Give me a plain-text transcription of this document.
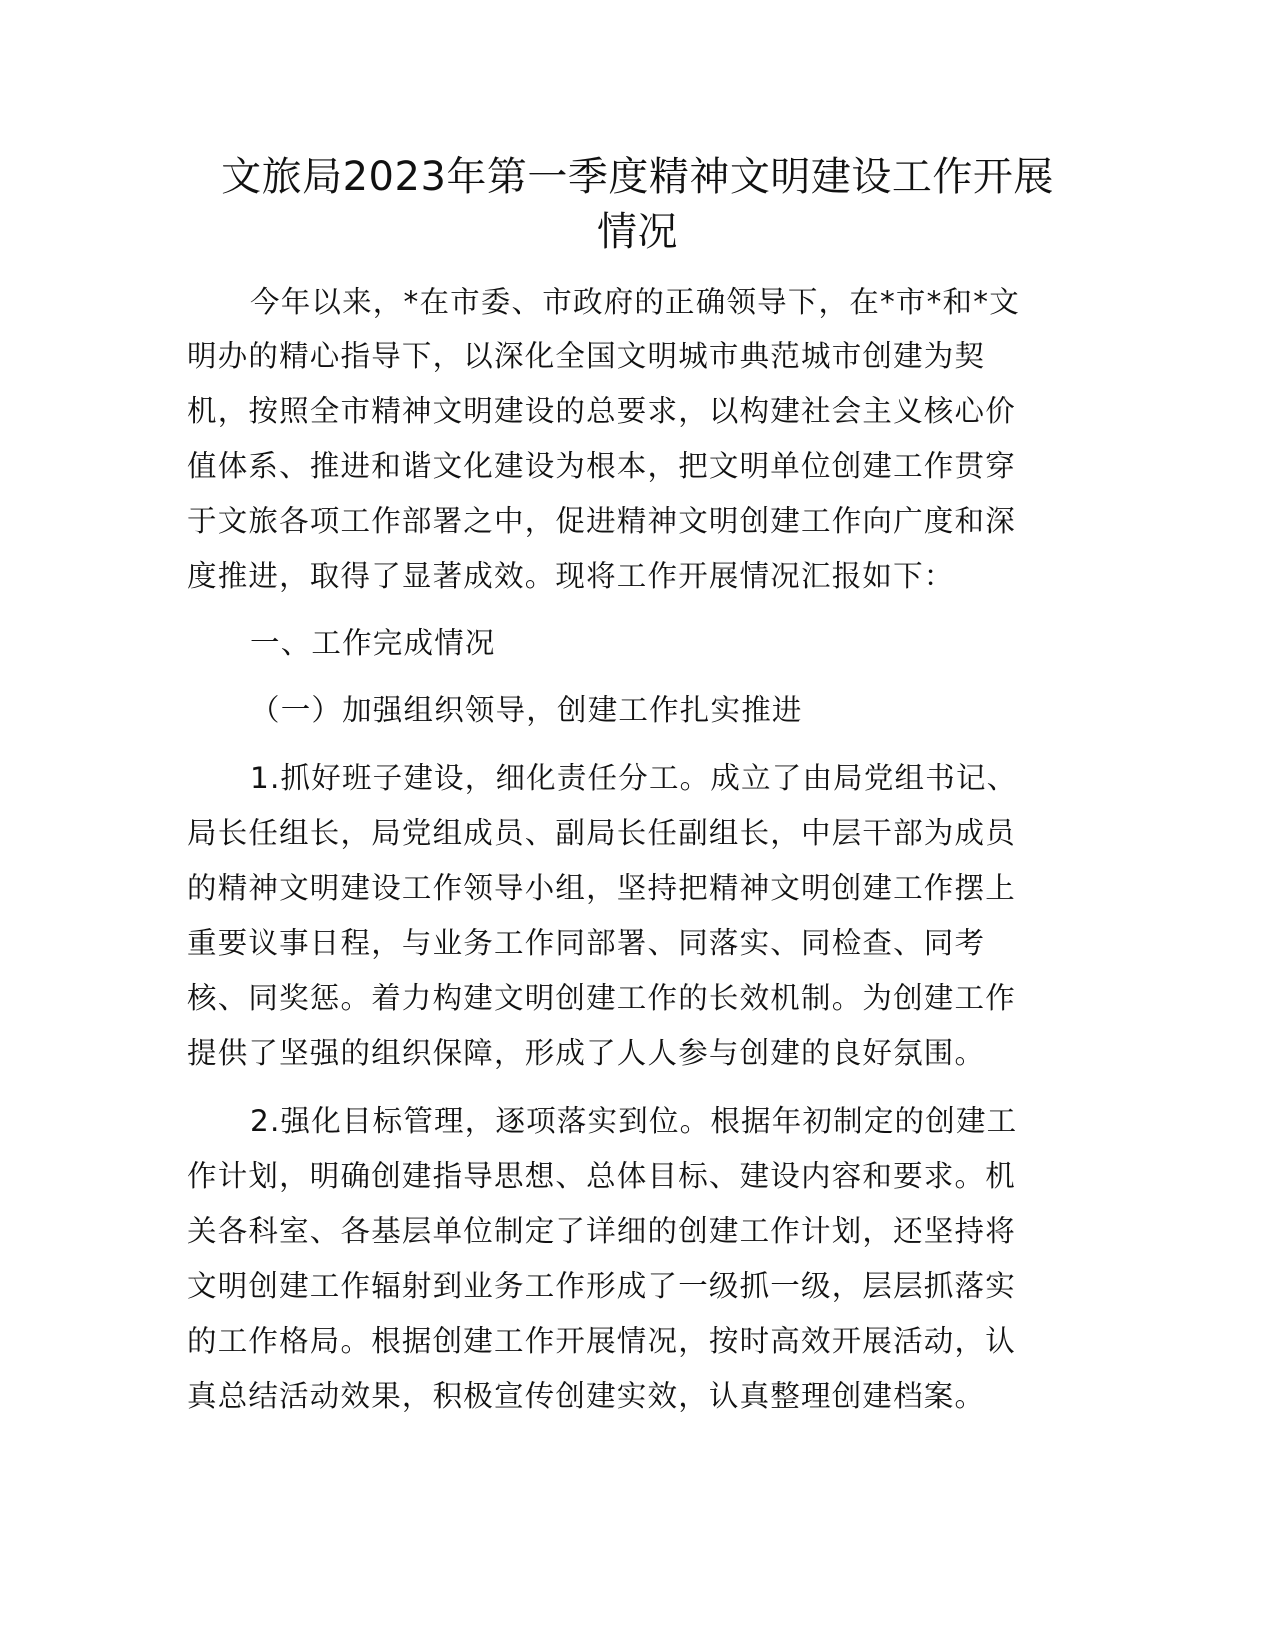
文旅局2023年第一季度精神文明建设工作开展
情况

今年以来，*在市委、市政府的正确领导下，在*市*和*文

明办的精心指导下，以深化全国文明城市典范城市创建为契

机，按照全市精神文明建设的总要求，以构建社会主义核心价

值体系、推进和谐文化建设为根本，把文明单位创建工作贯穿

于文旅各项工作部署之中，促进精神文明创建工作向广度和深

度推进，取得了显著成效。现将工作开展情况汇报如下：

一、工作完成情况

（一）加强组织领导，创建工作扎实推进

1.抓好班子建设，细化责任分工。成立了由局党组书记、

局长任组长，局党组成员、副局长任副组长，中层干部为成员

的精神文明建设工作领导小组，坚持把精神文明创建工作摆上

重要议事日程，与业务工作同部署、同落实、同检查、同考

核、同奖惩。着力构建文明创建工作的长效机制。为创建工作

提供了坚强的组织保障，形成了人人参与创建的良好氛围。

2.强化目标管理，逐项落实到位。根据年初制定的创建工

作计划，明确创建指导思想、总体目标、建设内容和要求。机

关各科室、各基层单位制定了详细的创建工作计划，还坚持将

文明创建工作辐射到业务工作形成了一级抓一级，层层抓落实

的工作格局。根据创建工作开展情况，按时高效开展活动，认

真总结活动效果，积极宣传创建实效，认真整理创建档案。
